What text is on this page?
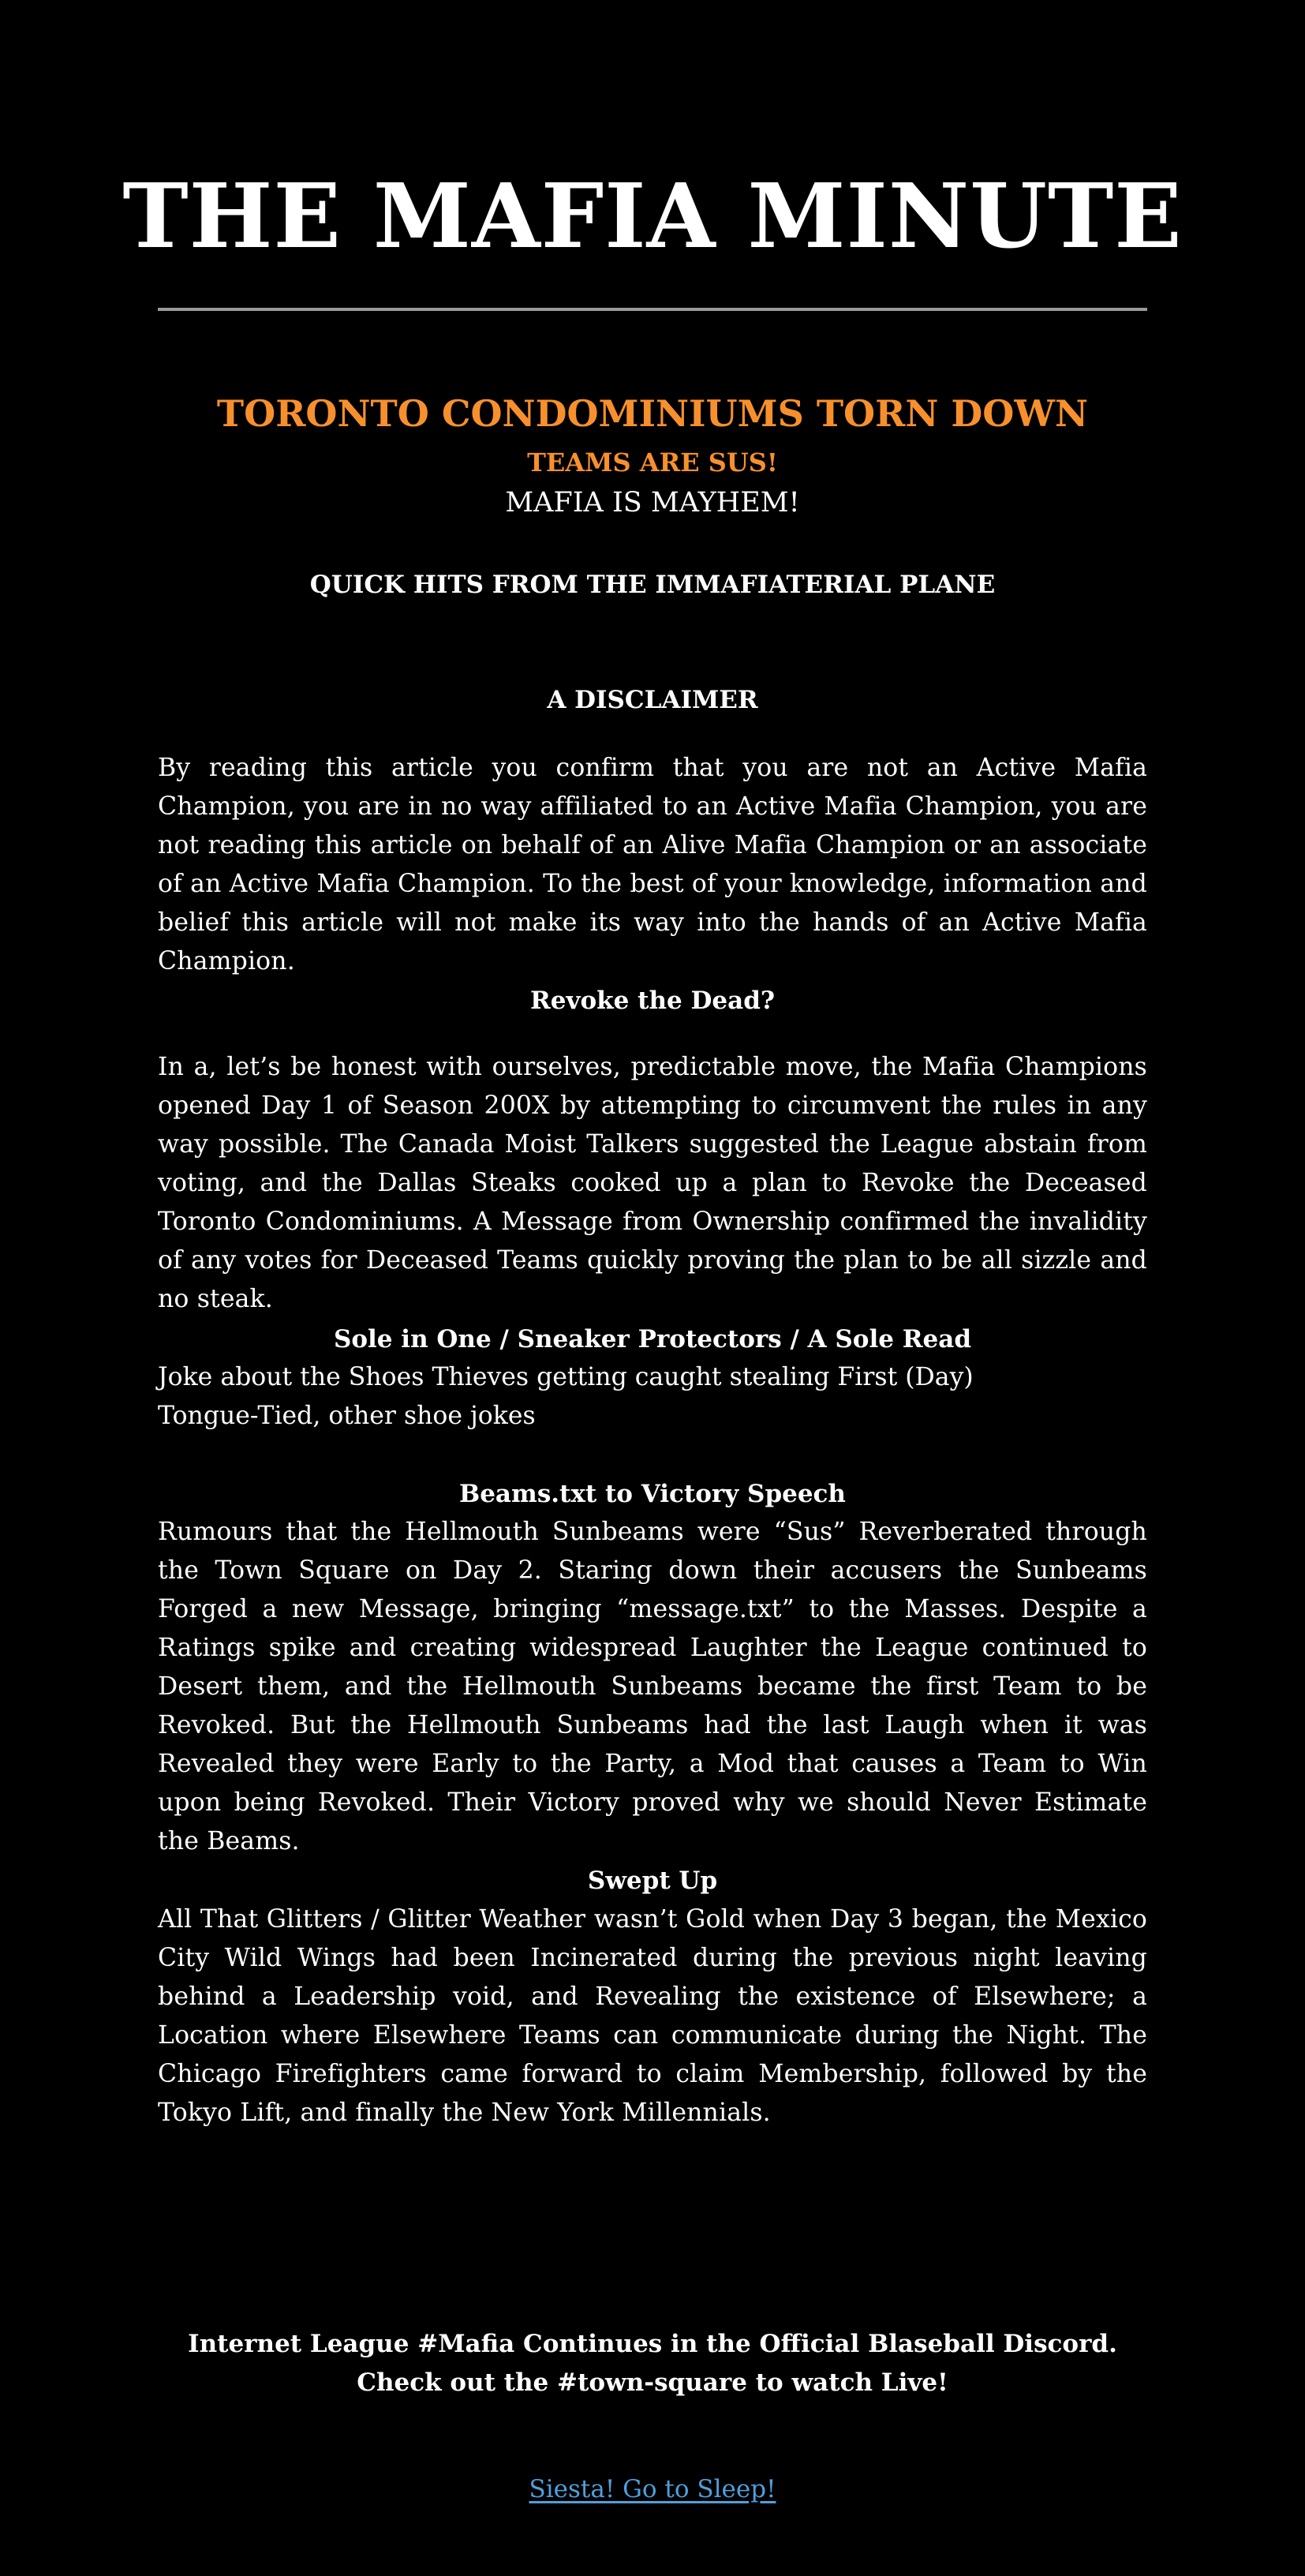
THE MAFIA MINUTE
TORONTO CONDOMINIUMS TORN DOWN
TEAMS ARE SUS!

MAFIA IS MAYHEM!

QUICK HITS FROM THE IMMAFIATERIAL PLANE
A DISCLAIMER

By reading this article you confirm that you are not an Active Mafia Champion, you are in no way affiliated to an Active Mafia Champion, you are not reading this article on behalf of an Alive Mafia Champion or an associate of an Active Mafia Champion. To the best of your knowledge, information and belief this article will not make its way into the hands of an Active Mafia Champion.

Revoke the Dead?

In a, let’s be honest with ourselves, predictable move, the Mafia Champions opened Day 1 of Season 200X by attempting to circumvent the rules in any way possible. The Canada Moist Talkers suggested the League abstain from voting, and the Dallas Steaks cooked up a plan to Revoke the Deceased Toronto Condominiums. A Message from Ownership confirmed the invalidity of any votes for Deceased Teams quickly proving the plan to be all sizzle and no steak.

Sole in One / Sneaker Protectors / A Sole Read

Joke about the Shoes Thieves getting caught stealing First (Day)

Tongue-Tied, other shoe jokes

Beams.txt to Victory Speech

Rumours that the Hellmouth Sunbeams were “Sus” Reverberated through the Town Square on Day 2. Staring down their accusers the Sunbeams Forged a new Message, bringing “message.txt” to the Masses. Despite a Ratings spike and creating widespread Laughter the League continued to Desert them, and the Hellmouth Sunbeams became the first Team to be Revoked. But the Hellmouth Sunbeams had the last Laugh when it was Revealed they were Early to the Party, a Mod that causes a Team to Win upon being Revoked. Their Victory proved why we should Never Estimate the Beams.

Swept Up

All That Glitters / Glitter Weather wasn’t Gold when Day 3 began, the Mexico City Wild Wings had been Incinerated during the previous night leaving behind a Leadership void, and Revealing the existence of Elsewhere; a Location where Elsewhere Teams can communicate during the Night. The Chicago Firefighters came forward to claim Membership, followed by the Tokyo Lift, and finally the New York Millennials.

Internet League #Mafia Continues in the Official Blaseball Discord. Check out the #town-square to watch Live!

Siesta! Go to Sleep!
